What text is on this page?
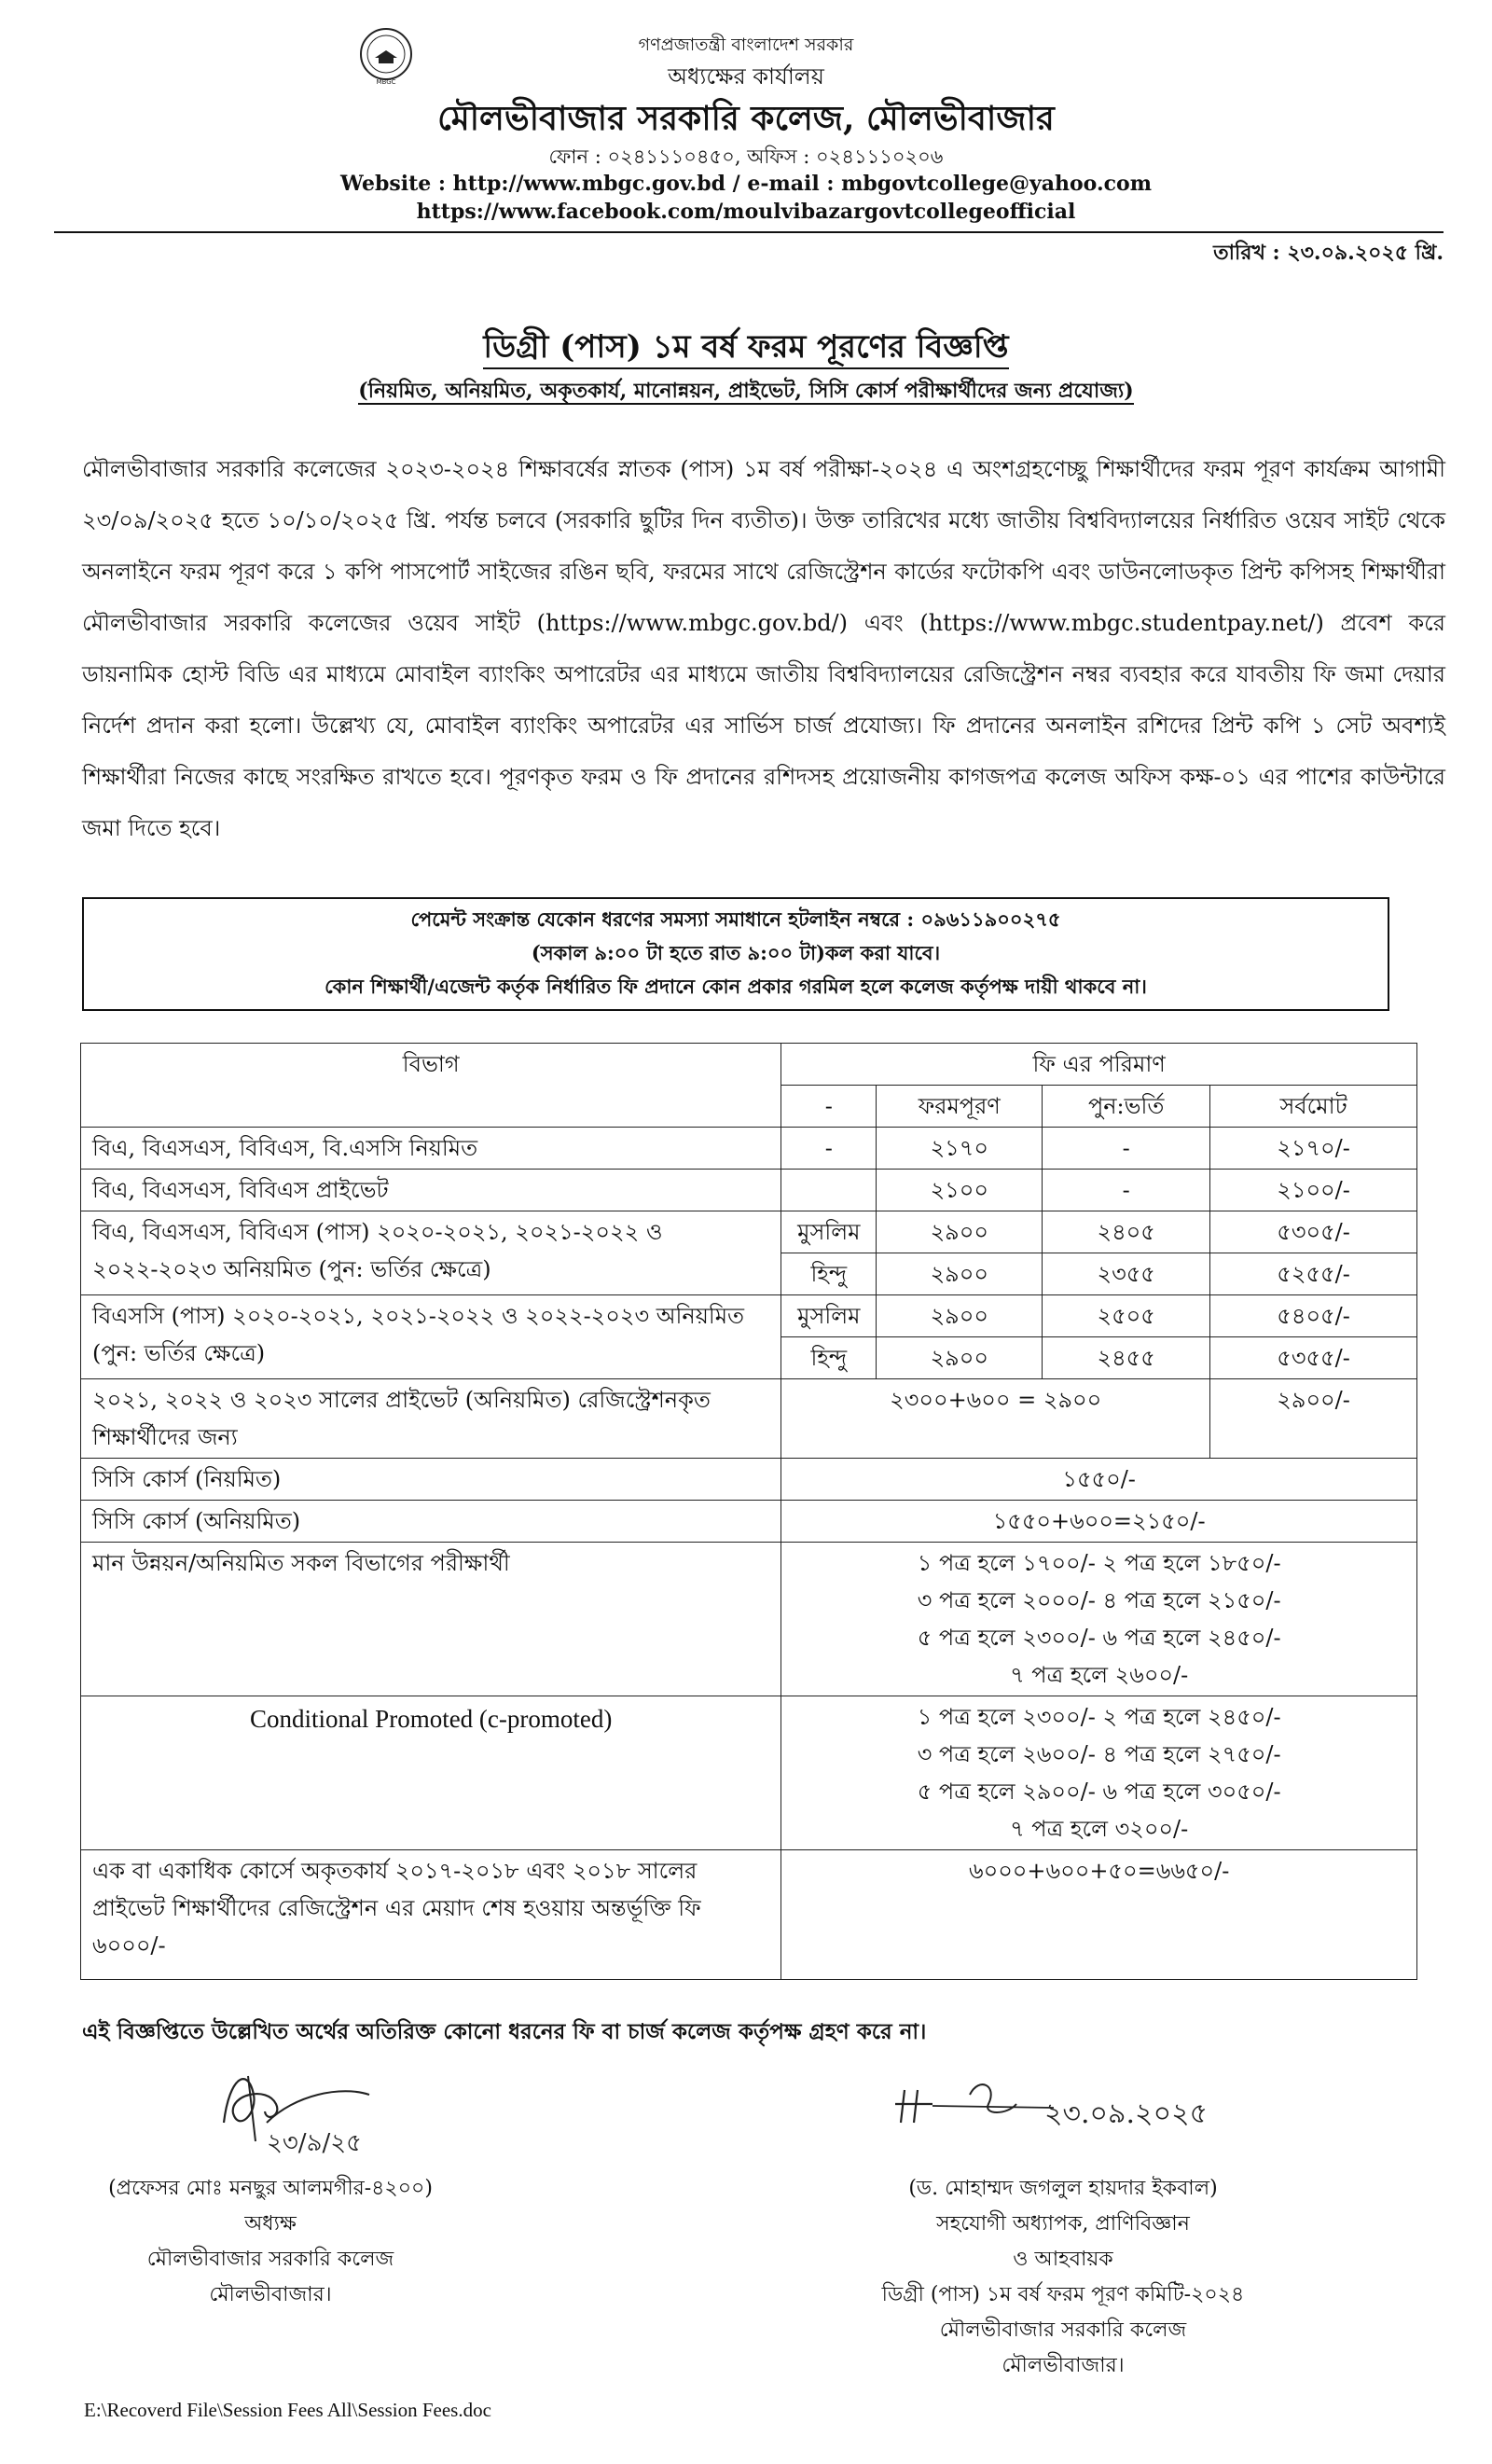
MBGC
গণপ্রজাতন্ত্রী বাংলাদেশ সরকার
অধ্যক্ষের কার্যালয়
মৌলভীবাজার সরকারি কলেজ, মৌলভীবাজার
ফোন : ০২৪১১১০৪৫০, অফিস : ০২৪১১১০২০৬
Website : http://www.mbgc.gov.bd / e-mail : mbgovtcollege@yahoo.com
https://www.facebook.com/moulvibazargovtcollegeofficial
তারিখ : ২৩.০৯.২০২৫ খ্রি.
ডিগ্রী (পাস) ১ম বর্ষ ফরম পূরণের বিজ্ঞপ্তি
(নিয়মিত, অনিয়মিত, অকৃতকার্য, মানোন্নয়ন, প্রাইভেট, সিসি কোর্স পরীক্ষার্থীদের জন্য প্রযোজ্য)
মৌলভীবাজার সরকারি কলেজের ২০২৩-২০২৪ শিক্ষাবর্ষের স্নাতক (পাস) ১ম বর্ষ পরীক্ষা-২০২৪ এ অংশগ্রহণেচ্ছু শিক্ষার্থীদের ফরম পূরণ কার্যক্রম আগামী ২৩/০৯/২০২৫ হতে ১০/১০/২০২৫ খ্রি. পর্যন্ত চলবে (সরকারি ছুটির দিন ব্যতীত)। উক্ত তারিখের মধ্যে জাতীয় বিশ্ববিদ্যালয়ের নির্ধারিত ওয়েব সাইট থেকে অনলাইনে ফরম পূরণ করে ১ কপি পাসপোর্ট সাইজের রঙিন ছবি, ফরমের সাথে রেজিস্ট্রেশন কার্ডের ফটোকপি এবং ডাউনলোডকৃত প্রিন্ট কপিসহ শিক্ষার্থীরা মৌলভীবাজার সরকারি কলেজের ওয়েব সাইট (https://www.mbgc.gov.bd/) এবং (https://www.mbgc.studentpay.net/) প্রবেশ করে ডায়নামিক হোস্ট বিডি এর মাধ্যমে মোবাইল ব্যাংকিং অপারেটর এর মাধ্যমে জাতীয় বিশ্ববিদ্যালয়ের রেজিস্ট্রেশন নম্বর ব্যবহার করে যাবতীয় ফি জমা দেয়ার নির্দেশ প্রদান করা হলো। উল্লেখ্য যে, মোবাইল ব্যাংকিং অপারেটর এর সার্ভিস চার্জ প্রযোজ্য। ফি প্রদানের অনলাইন রশিদের প্রিন্ট কপি ১ সেট অবশ্যই শিক্ষার্থীরা নিজের কাছে সংরক্ষিত রাখতে হবে। পূরণকৃত ফরম ও ফি প্রদানের রশিদসহ প্রয়োজনীয় কাগজপত্র কলেজ অফিস কক্ষ-০১ এর পাশের কাউন্টারে জমা দিতে হবে।
পেমেন্ট সংক্রান্ত যেকোন ধরণের সমস্যা সমাধানে হটলাইন নম্বরে : ০৯৬১১৯০০২৭৫
(সকাল ৯:০০ টা হতে রাত ৯:০০ টা)কল করা যাবে।
কোন শিক্ষার্থী/এজেন্ট কর্তৃক নির্ধারিত ফি প্রদানে কোন প্রকার গরমিল হলে কলেজ কর্তৃপক্ষ দায়ী থাকবে না।
বিভাগ	ফি এর পরিমাণ			
	-	ফরমপূরণ	পুন:ভর্তি	সর্বমোট
বিএ, বিএসএস, বিবিএস, বি.এসসি নিয়মিত	-	২১৭০	-	২১৭০/-
বিএ, বিএসএস, বিবিএস প্রাইভেট		২১০০	-	২১০০/-
বিএ, বিএসএস, বিবিএস (পাস) ২০২০-২০২১, ২০২১-২০২২ ও ২০২২-২০২৩ অনিয়মিত (পুন: ভর্তির ক্ষেত্রে)	মুসলিম	২৯০০	২৪০৫	৫৩০৫/-
	হিন্দু	২৯০০	২৩৫৫	৫২৫৫/-
বিএসসি (পাস) ২০২০-২০২১, ২০২১-২০২২ ও ২০২২-২০২৩ অনিয়মিত (পুন: ভর্তির ক্ষেত্রে)	মুসলিম	২৯০০	২৫০৫	৫৪০৫/-
	হিন্দু	২৯০০	২৪৫৫	৫৩৫৫/-
২০২১, ২০২২ ও ২০২৩ সালের প্রাইভেট (অনিয়মিত) রেজিস্ট্রেশনকৃত শিক্ষার্থীদের জন্য	২৩০০+৬০০ = ২৯০০			২৯০০/-
সিসি কোর্স (নিয়মিত)	১৫৫০/-			
সিসি কোর্স (অনিয়মিত)	১৫৫০+৬০০=২১৫০/-			
মান উন্নয়ন/অনিয়মিত সকল বিভাগের পরীক্ষার্থী	১ পত্র হলে ১৭০০/- ২ পত্র হলে ১৮৫০/-
৩ পত্র হলে ২০০০/- ৪ পত্র হলে ২১৫০/-
৫ পত্র হলে ২৩০০/- ৬ পত্র হলে ২৪৫০/-
৭ পত্র হলে ২৬০০/-			

Conditional Promoted (c-promoted)	১ পত্র হলে ২৩০০/- ২ পত্র হলে ২৪৫০/-
৩ পত্র হলে ২৬০০/- ৪ পত্র হলে ২৭৫০/-
৫ পত্র হলে ২৯০০/- ৬ পত্র হলে ৩০৫০/-
৭ পত্র হলে ৩২০০/-			

এক বা একাধিক কোর্সে অকৃতকার্য ২০১৭-২০১৮ এবং ২০১৮ সালের প্রাইভেট শিক্ষার্থীদের রেজিস্ট্রেশন এর মেয়াদ শেষ হওয়ায় অন্তর্ভূক্তি ফি ৬০০০/-	৬০০০+৬০০+৫০=৬৬৫০/-			
এই বিজ্ঞপ্তিতে উল্লেখিত অর্থের অতিরিক্ত কোনো ধরনের ফি বা চার্জ কলেজ কর্তৃপক্ষ গ্রহণ করে না।
২৩/৯/২৫
২৩.০৯.২০২৫
(প্রফেসর মোঃ মনছুর আলমগীর-৪২০০)
অধ্যক্ষ
মৌলভীবাজার সরকারি কলেজ
মৌলভীবাজার।
(ড. মোহাম্মদ জগলুল হায়দার ইকবাল)
সহযোগী অধ্যাপক, প্রাণিবিজ্ঞান
ও আহবায়ক
ডিগ্রী (পাস) ১ম বর্ষ ফরম পূরণ কমিটি-২০২৪
মৌলভীবাজার সরকারি কলেজ
মৌলভীবাজার।
E:\Recoverd File\Session Fees All\Session Fees.doc
